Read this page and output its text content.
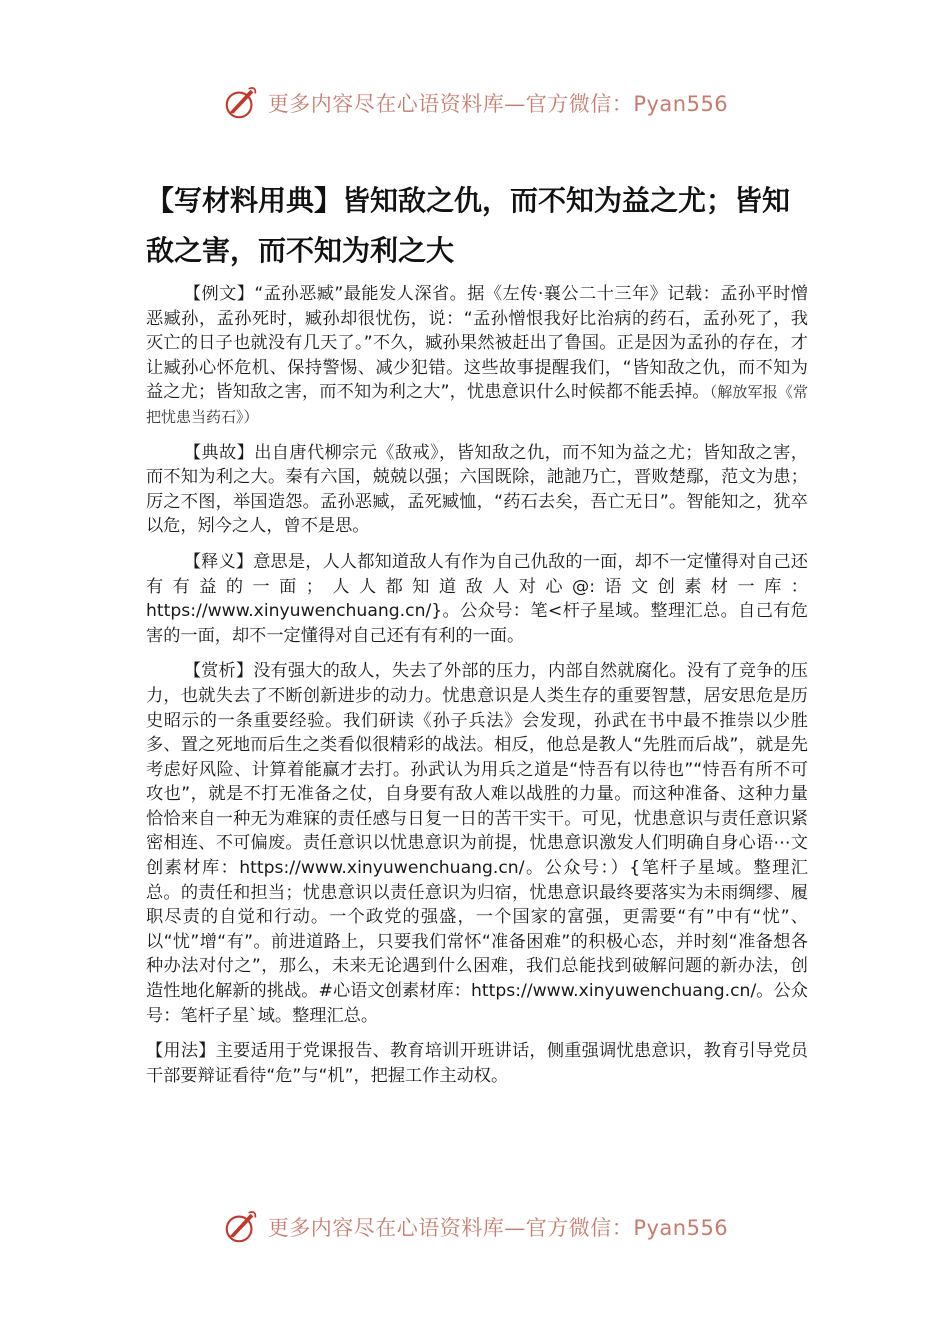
更多内容尽在心语资料库—官方微信：Pyan556
【写材料用典】皆知敌之仇，而不知为益之尤；皆知敌之害，而不知为利之大

【例文】“孟孙恶臧”最能发人深省。据《左传·襄公二十三年》记载：孟孙平时憎恶臧孙，孟孙死时，臧孙却很忧伤，说：“孟孙憎恨我好比治病的药石，孟孙死了，我灭亡的日子也就没有几天了。”不久，臧孙果然被赶出了鲁国。正是因为孟孙的存在，才让臧孙心怀危机、保持警惕、减少犯错。这些故事提醒我们，“皆知敌之仇，而不知为益之尤；皆知敌之害，而不知为利之大”，忧患意识什么时候都不能丢掉。（解放军报《常把忧患当药石》）

【典故】出自唐代柳宗元《敌戒》，皆知敌之仇，而不知为益之尤；皆知敌之害，而不知为利之大。秦有六国，兢兢以强；六国既除，訑訑乃亡，晋败楚鄢，范文为患；厉之不图，举国造怨。孟孙恶臧，孟死臧恤，“药石去矣，吾亡无日”。智能知之，犹卒以危，矧今之人，曾不是思。

【释义】意思是，人人都知道敌人有作为自己仇敌的一面，却不一定懂得对自己还有有益的一面；人人都知道敌人对心@:语文创素材一库：https://www.xinyuwenchuang.cn/}。公众号：笔<杆子星域。整理汇总。自己有危害的一面，却不一定懂得对自己还有有利的一面。

【赏析】没有强大的敌人，失去了外部的压力，内部自然就腐化。没有了竞争的压力，也就失去了不断创新进步的动力。忧患意识是人类生存的重要智慧，居安思危是历史昭示的一条重要经验。我们研读《孙子兵法》会发现，孙武在书中最不推崇以少胜多、置之死地而后生之类看似很精彩的战法。相反，他总是教人“先胜而后战”，就是先考虑好风险、计算着能赢才去打。孙武认为用兵之道是“恃吾有以待也”“恃吾有所不可攻也”，就是不打无准备之仗，自身要有敌人难以战胜的力量。而这种准备、这种力量恰恰来自一种无为难寐的责任感与日复一日的苦干实干。可见，忧患意识与责任意识紧密相连、不可偏废。责任意识以忧患意识为前提，忧患意识激发人们明确自身心语⋯文创素材库：https://www.xinyuwenchuang.cn/。公众号：）{笔杆子星域。整理汇总。的责任和担当；忧患意识以责任意识为归宿，忧患意识最终要落实为未雨绸缪、履职尽责的自觉和行动。一个政党的强盛，一个国家的富强，更需要“有”中有“忧”、以“忧”增“有”。前进道路上，只要我们常怀“准备困难”的积极心态，并时刻“准备想各种办法对付之”，那么，未来无论遇到什么困难，我们总能找到破解问题的新办法，创造性地化解新的挑战。#心语文创素材库：https://www.xinyuwenchuang.cn/。公众号：笔杆子星`域。整理汇总。

【用法】主要适用于党课报告、教育培训开班讲话，侧重强调忧患意识，教育引导党员干部要辩证看待“危”与“机”，把握工作主动权。

更多内容尽在心语资料库—官方微信：Pyan556
